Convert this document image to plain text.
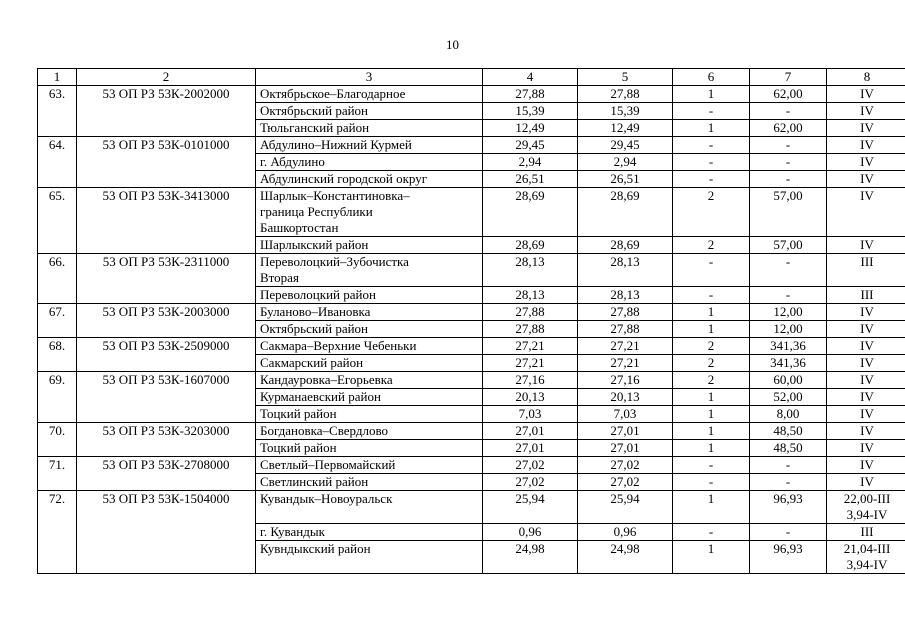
10
1	2	3	4	5	6	7	8
63.	53 ОП РЗ 53К-2002000	Октябрьское–Благодарное	27,88	27,88	1	62,00	IV
		Октябрьский район	15,39	15,39	-	-	IV
		Тюльганский район	12,49	12,49	1	62,00	IV
64.	53 ОП РЗ 53К-0101000	Абдулино–Нижний Курмей	29,45	29,45	-	-	IV
		г. Абдулино	2,94	2,94	-	-	IV
		Абдулинский городской округ	26,51	26,51	-	-	IV
65.	53 ОП РЗ 53К-3413000	Шарлык–Константиновка–
граница Республики
Башкортостан	28,69	28,69	2	57,00	IV
		Шарлыкский район	28,69	28,69	2	57,00	IV
66.	53 ОП РЗ 53К-2311000	Переволоцкий–Зубочистка
Вторая	28,13	28,13	-	-	III
		Переволоцкий район	28,13	28,13	-	-	III
67.	53 ОП РЗ 53К-2003000	Буланово–Ивановка	27,88	27,88	1	12,00	IV
		Октябрьский район	27,88	27,88	1	12,00	IV
68.	53 ОП РЗ 53К-2509000	Сакмара–Верхние Чебеньки	27,21	27,21	2	341,36	IV
		Сакмарский район	27,21	27,21	2	341,36	IV
69.	53 ОП РЗ 53К-1607000	Кандауровка–Егорьевка	27,16	27,16	2	60,00	IV
		Курманаевский район	20,13	20,13	1	52,00	IV
		Тоцкий район	7,03	7,03	1	8,00	IV
70.	53 ОП РЗ 53К-3203000	Богдановка–Свердлово	27,01	27,01	1	48,50	IV
		Тоцкий район	27,01	27,01	1	48,50	IV
71.	53 ОП РЗ 53К-2708000	Светлый–Первомайский	27,02	27,02	-	-	IV
		Светлинский район	27,02	27,02	-	-	IV
72.	53 ОП РЗ 53К-1504000	Кувандык–Новоуральск	25,94	25,94	1	96,93	22,00-III
3,94-IV
		г. Кувандык	0,96	0,96	-	-	III
		Кувндыкский район	24,98	24,98	1	96,93	21,04-III
3,94-IV
